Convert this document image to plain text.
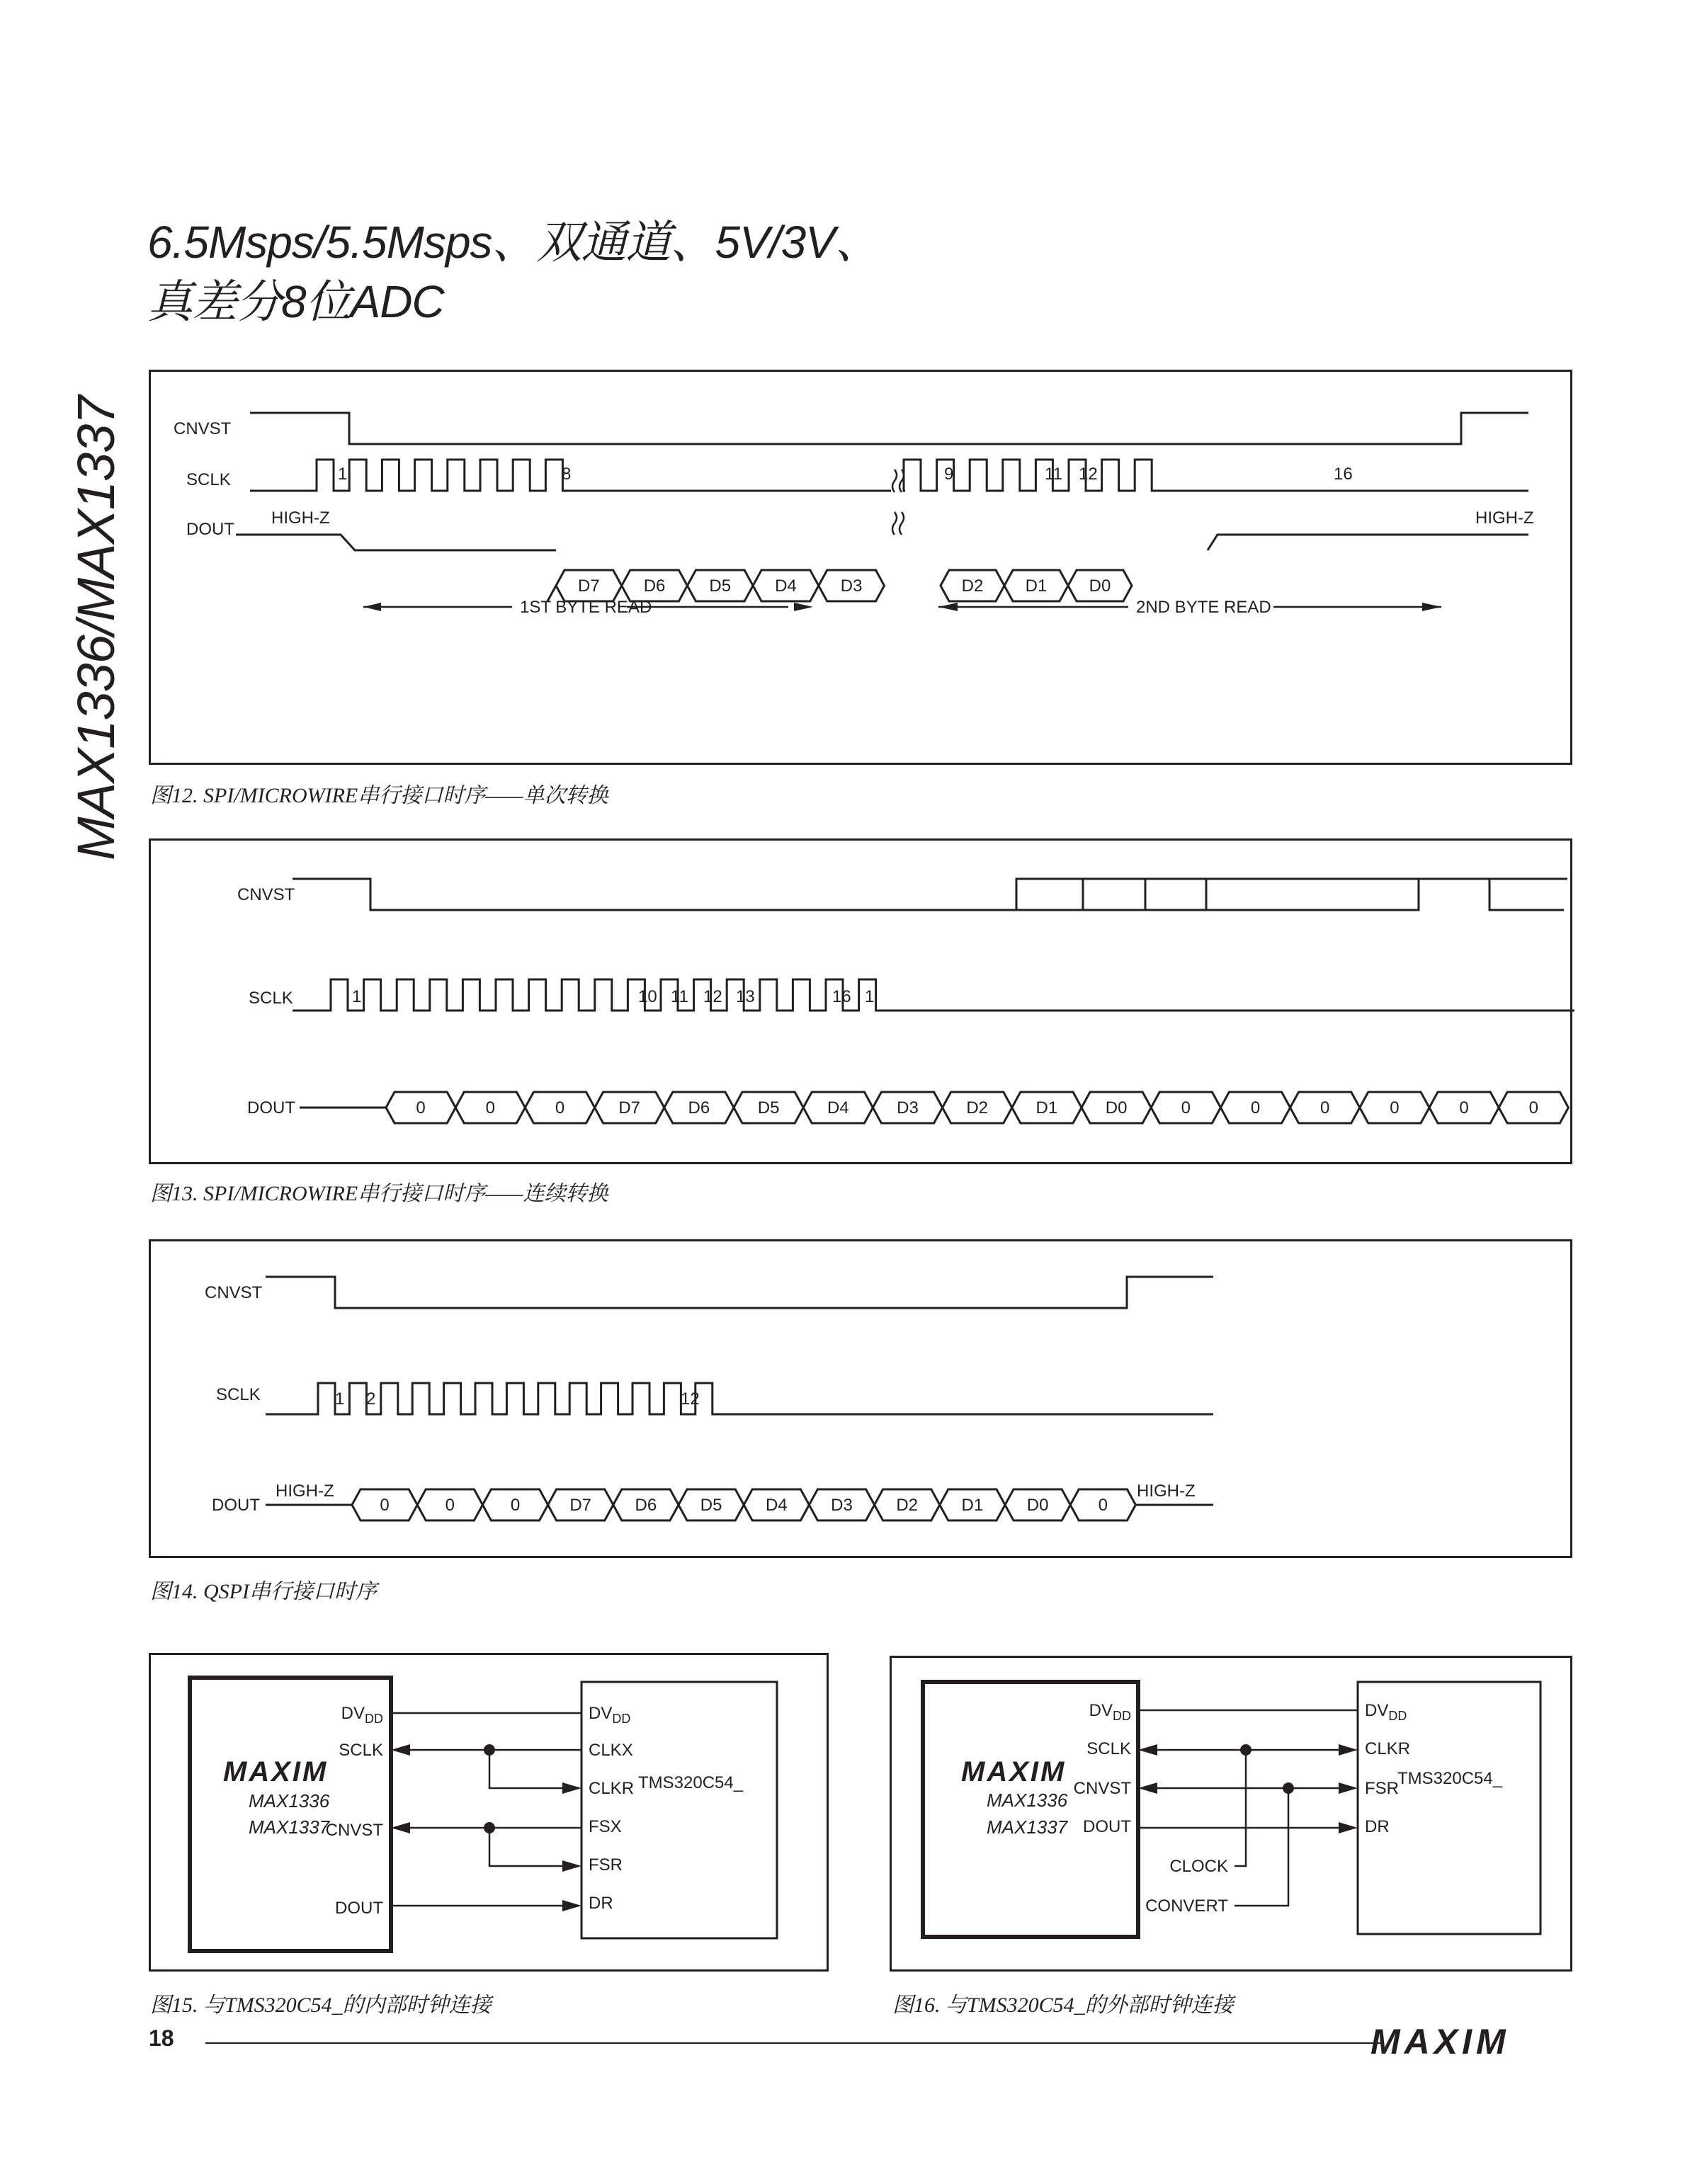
6.5Msps/5.5Msps、双通道、5V/3V、
真差分8位ADC
MAX1336/MAX1337	CNVST
DOUT
SCLK	1	8	9	11 12	16
HIGH-Z	HIGH-Z
D7	D6	D5	D4	D3	D2 D1 D0
1ST BYTE READ	2ND BYTE READ
图12. SPI/MICROWIRE串行接口时序——单次转换
CNVST
SCLK
DOUT
1	10 11 12 13	16 1
0	0	0	D7	D6	D5	D4	D3	D2	D1	D0	0	0	0	0	0	0
图13. SPI/MICROWIRE串行接口时序——连续转换
CNVST
SCLK
DOUT
1 2	12
HIGH-Z	HIGH-Z
0	0	0	D7	D6	D5	D4	D3	D2	D1	D0	0
图14. QSPI串行接口时序
MAXIM
MAX1336
MAX1337
$DV_{DD}$
SCLK
CNVST
DOUT
$DV_{DD}$
CLKX
CLKR
FSX
FSR
DR
TMS320C54_
图15. 与TMS320C54_的内部时钟连接
MAXIM
MAX1336
MAX1337
$DV_{DD}$
SCLK
CNVST
DOUT
CLOCK
CONVERT
$DV_{DD}$
CLKR
FSR
DR
TMS320C54_
图16. 与TMS320C54_的外部时钟连接
18	MAXIM
